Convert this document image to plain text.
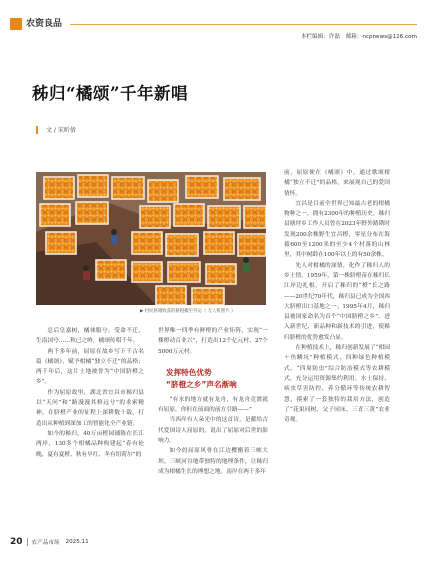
农资良品
本栏编辑：许磊　邮箱：ncpnews@126.com
秭归“橘颂”千年新唱
文 / 宋昕倩
▶ 村民将刚收获的脐橙搬至外运（ 无人机照片 ）

总后皇嘉树，橘徕服兮。受命不迁，生南国兮……秋已之岭，橘颂传唱千年。

两千多年前，屈原在故乡写下千古名篇《橘颂》，赋予柑橘“独立不迁”的品格；两千年后，这片土地被誉为“中国脐橙之乡”。

作为屈原故里，湖北省宜昌市秭归县以“天问”和“路漫漫其修远兮”的求索精神，在脐橙产业的征程上深耕数十载，打造出从种植到深加工的智能化全产业链。

如今的秭归，40万亩橙园铺陈在长江两岸，130多个柑橘品种构建起“春有伦晚、夏有夏橙、秋有早红、冬有纽荷尔”的

世界唯一四季有鲜橙的产业矩阵，实现“一棵橙动百业兴”，打造出12个亿元村、27个5000万元村。

发挥特色优势
“脐橙之乡”声名渐响

“有水的地方就有龙舟，有龙舟竞渡就有屈原，你但在前面的前方引路——”

当西岸有人朵光中的这首诗，是献给古代爱国诗人屈原的，说出了屈原对后世的影响力。

如今的屈原风骨在江边樱搬着三峡大坝、三峡河谷地带独特的地理条件，让秭归成为柑橘生长的理想之地。南岸在两千多年

前，屈原便在《橘颂》中，通过歌颂柑橘“独立不迁”的品格，来展现自己的爱国情怀。

宜昌是目前全世界已知最古老的柑橘物种之一，拥有2300年的种植历史。秭归县塘坪乡工作人员曾在2023年野外踏勘时发现200余株野生宜昌橙，零星分布在海拔600至1200米的至少4个村落的山林里，其中树龄在100年以上的有50余株。

先人对柑橘的深情，化作了秭归人的乡土情。1959年，第一株脐橙苗在秭归长江岸边扎根，开启了秭归的“橙”长之路——20世纪70年代，秭归县已成为全国西大脐橙出口基地之一；1995年4月，秭归县被国家命名为首个“中国脐橙之乡”。进入新世纪，新品种和新技术的引进，使秭归脐橙的优势愈发凸显。

在种植技术上，秭归创新发展了“柑园＋鱼鳞坑”种植模式、四种绿色种植模式、“四周防虫”综合防治模式等农耕模式，充分运用资源集约利用。水土保持、病虫草害防控、养分循环等传统农耕智慧，摸索了一套独特的栽培方法，创造了“花果同树、父子同床、三青三黄”农业奇观。

20 农产品市场 2025.11
